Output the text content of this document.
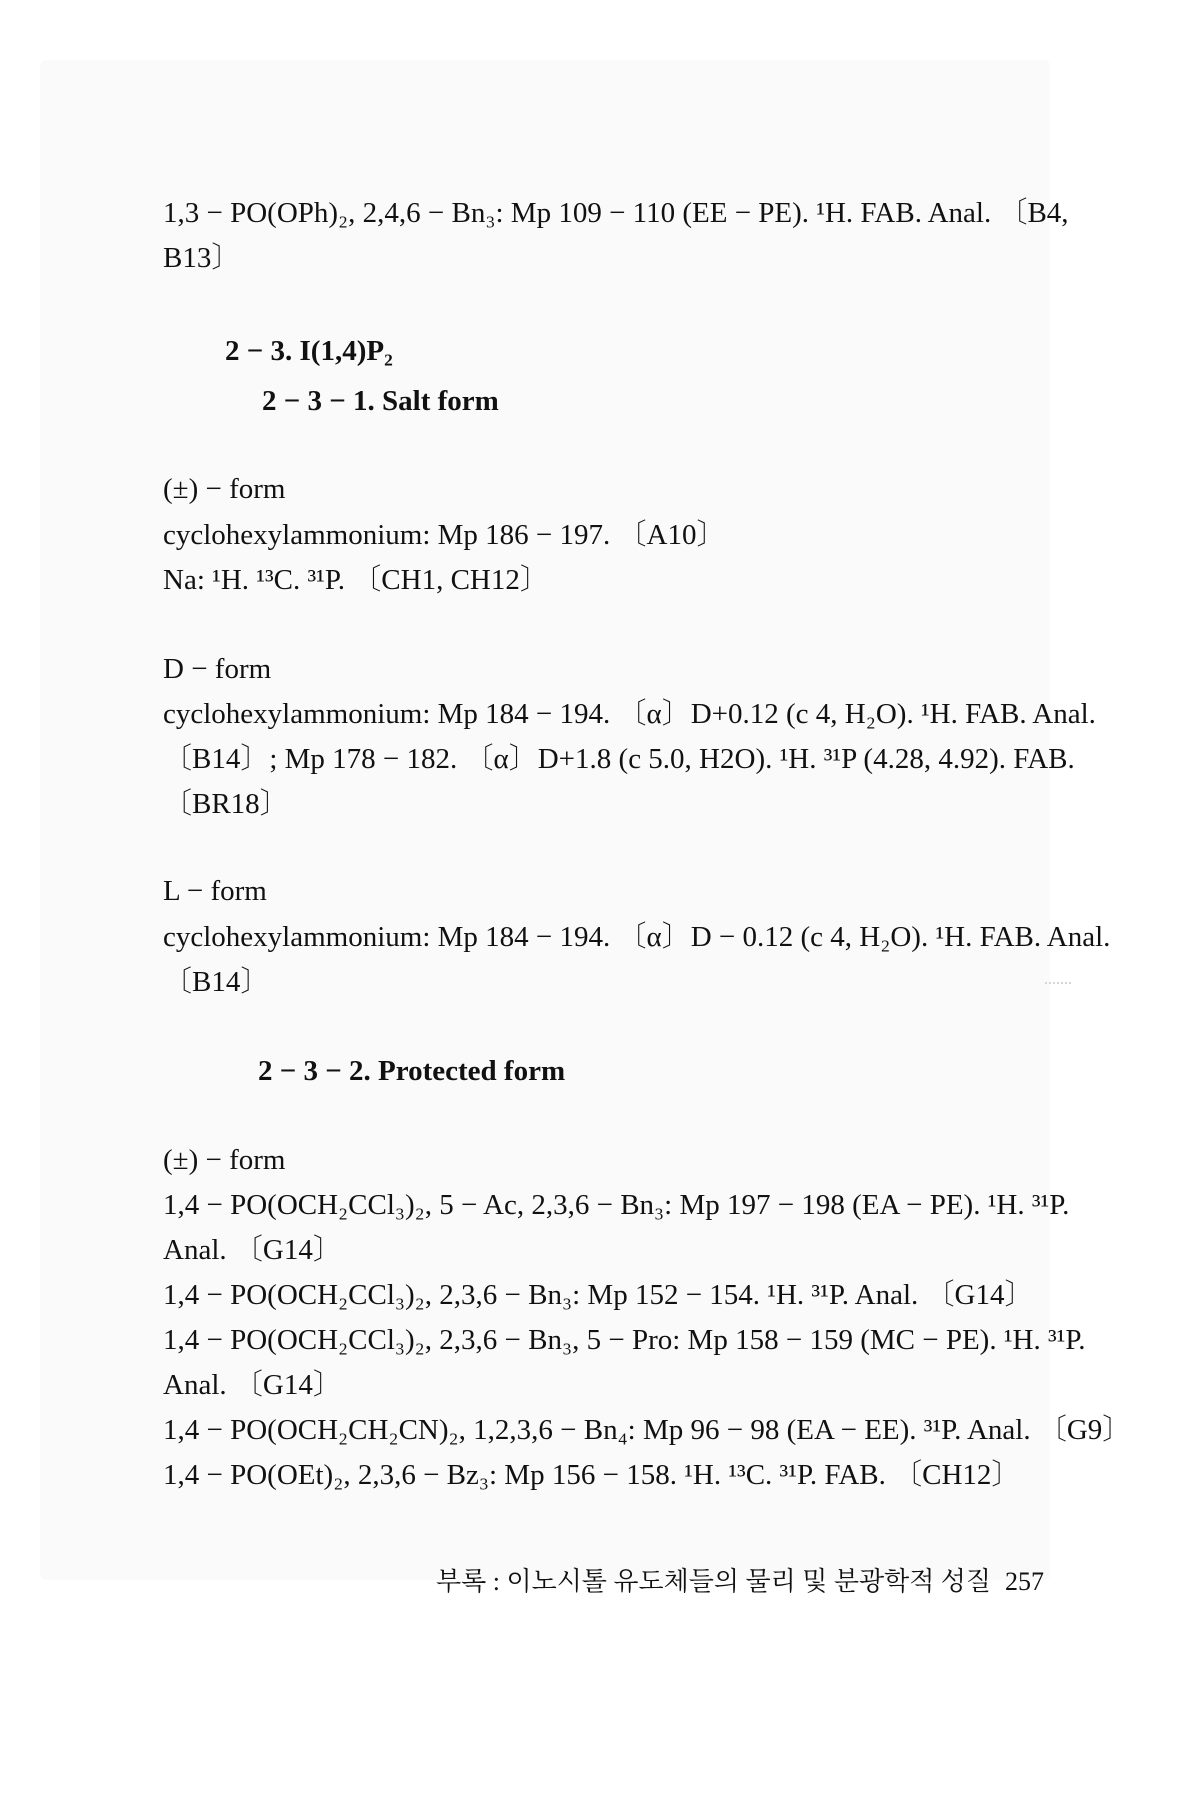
1,3 − PO(OPh)₂, 2,4,6 − Bn₃: Mp 109 − 110 (EE − PE). ¹H. FAB. Anal. 〔B4,
B13〕
2 − 3. I(1,4)P₂
2 − 3 − 1. Salt form
(±) − form
cyclohexylammonium: Mp 186 − 197. 〔A10〕
Na: ¹H. ¹³C. ³¹P. 〔CH1, CH12〕
D − form
cyclohexylammonium: Mp 184 − 194. 〔α〕D+0.12 (c 4, H₂O). ¹H. FAB. Anal.
〔B14〕; Mp 178 − 182. 〔α〕D+1.8 (c 5.0, H2O). ¹H. ³¹P (4.28, 4.92). FAB.
〔BR18〕
L − form
cyclohexylammonium: Mp 184 − 194. 〔α〕D − 0.12 (c 4, H₂O). ¹H. FAB. Anal.
〔B14〕
2 − 3 − 2. Protected form
(±) − form
1,4 − PO(OCH₂CCl₃)₂, 5 − Ac, 2,3,6 − Bn₃: Mp 197 − 198 (EA − PE). ¹H. ³¹P.
Anal. 〔G14〕
1,4 − PO(OCH₂CCl₃)₂, 2,3,6 − Bn₃: Mp 152 − 154. ¹H. ³¹P. Anal. 〔G14〕
1,4 − PO(OCH₂CCl₃)₂, 2,3,6 − Bn₃, 5 − Pro: Mp 158 − 159 (MC − PE). ¹H. ³¹P.
Anal. 〔G14〕
1,4 − PO(OCH₂CH₂CN)₂, 1,2,3,6 − Bn₄: Mp 96 − 98 (EA − EE). ³¹P. Anal. 〔G9〕
1,4 − PO(OEt)₂, 2,3,6 − Bz₃: Mp 156 − 158. ¹H. ¹³C. ³¹P. FAB. 〔CH12〕
부록 : 이노시톨 유도체들의 물리 및 분광학적 성질 257
